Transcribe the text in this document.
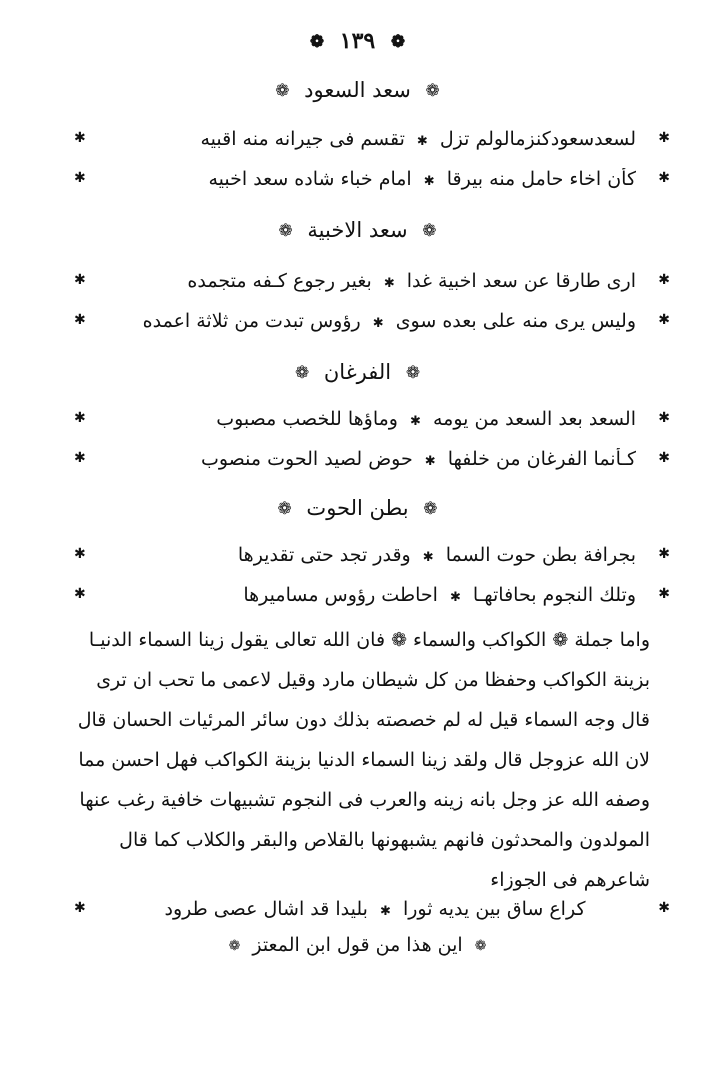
❁ ١٣٩ ❁
❁ سعد السعود ❁
✱
لسعدسعودكنزمالولم تزل ✱ تقسم فى جيرانه منه اقبيه
✱
✱
كأن اخاء حامل منه بيرقا ✱ امام خباء شاده سعد اخبيه
✱
❁ سعد الاخبية ❁
✱
ارى طارقا عن سعد اخبية غدا ✱ بغير رجوع كـفه متجمده
✱
✱
وليس يرى منه على بعده سوى ✱ رؤوس تبدت من ثلاثة اعمده
✱
❁ الفرغان ❁
✱
السعد بعد السعد من يومه ✱ وماؤها للخصب مصبوب
✱
✱
كـأنما الفرغان من خلفها ✱ حوض لصيد الحوت منصوب
✱
❁ بطن الحوت ❁
✱
بجرافة بطن حوت السما ✱ وقدر تجد حتى تقديرها
✱
✱
وتلك النجوم بحافاتهـا ✱ احاطت رؤوس مساميرها
✱

واما جملة ❁ الكواكب والسماء ❁ فان الله تعالى يقول زينا السماء الدنيـا

بزينة الكواكب وحفظا من كل شيطان مارد وقيل لاعمى ما تحب ان ترى

قال وجه السماء قيل له لم خصصته بذلك دون سائر المرئيات الحسان قال

لان الله عزوجل قال ولقد زينا السماء الدنيا بزينة الكواكب فهل احسن مما

وصفه الله عز وجل بانه زينه والعرب فى النجوم تشبيهات خافية رغب عنها

المولدون والمحدثون فانهم يشبهونها بالقلاص والبقر والكلاب كما قال

شاعرهم فى الجوزاء

✱
كراع ساق بين يديه ثورا ✱ بليدا قد اشال عصى طرود
✱
❁ اين هذا من قول ابن المعتز ❁
